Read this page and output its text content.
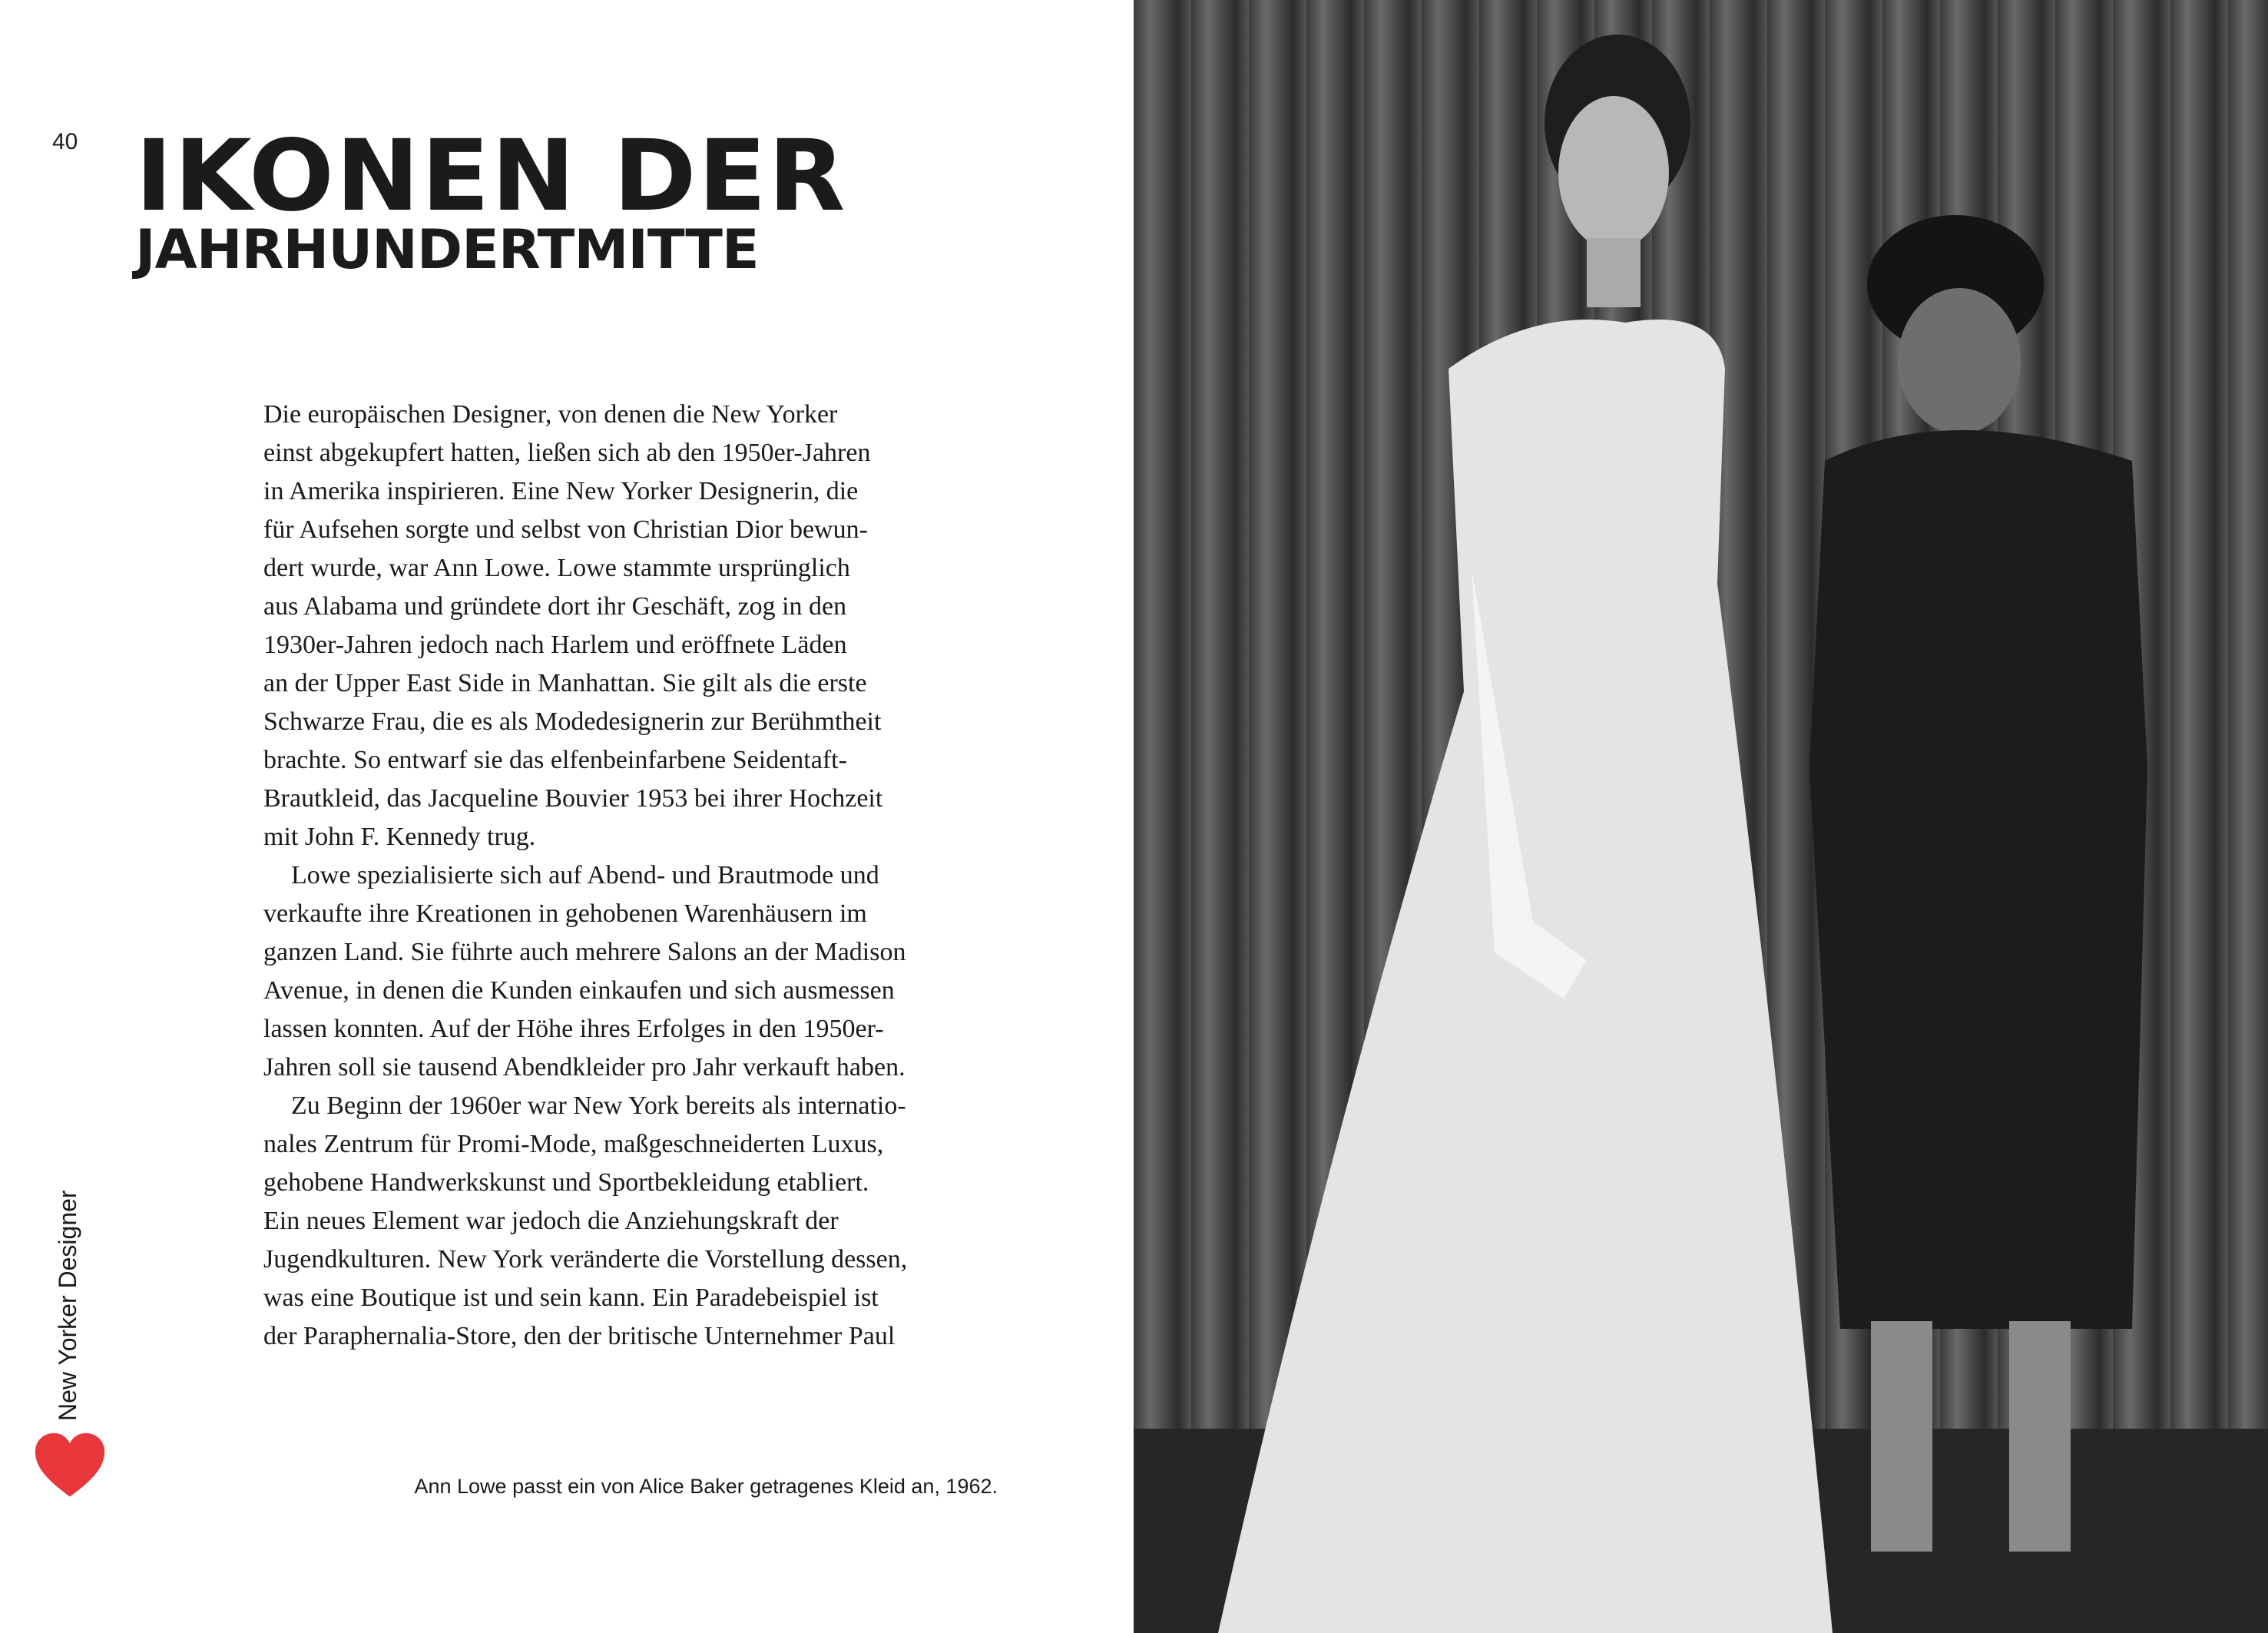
40 IKONEN DER
JAHRHUNDERTMITTE
Die europäischen Designer, von denen die New Yorker
einst abgekupfert hatten, ließen sich ab den 1950er-Jahren
in Amerika inspirieren. Eine New Yorker Designerin, die
für Aufsehen sorgte und selbst von Christian Dior bewun-
dert wurde, war Ann Lowe. Lowe stammte ursprünglich
aus Alabama und gründete dort ihr Geschäft, zog in den
1930er-Jahren jedoch nach Harlem und eröffnete Läden
an der Upper East Side in Manhattan. Sie gilt als die erste
Schwarze Frau, die es als Modedesignerin zur Berühmtheit
brachte. So entwarf sie das elfenbeinfarbene Seidentaft-
Brautkleid, das Jacqueline Bouvier 1953 bei ihrer Hochzeit
mit John F. Kennedy trug.
Lowe spezialisierte sich auf Abend- und Brautmode und
verkaufte ihre Kreationen in gehobenen Warenhäusern im
ganzen Land. Sie führte auch mehrere Salons an der Madison
Avenue, in denen die Kunden einkaufen und sich ausmessen
lassen konnten. Auf der Höhe ihres Erfolges in den 1950er-
Jahren soll sie tausend Abendkleider pro Jahr verkauft haben.
Zu Beginn der 1960er war New York bereits als internatio-
nales Zentrum für Promi-Mode, maßgeschneiderten Luxus,
gehobene Handwerkskunst und Sportbekleidung etabliert.
Ein neues Element war jedoch die Anziehungskraft der
Jugendkulturen. New York veränderte die Vorstellung dessen,
was eine Boutique ist und sein kann. Ein Paradebeispiel ist
der Paraphernalia-Store, den der britische Unternehmer Paul
New Yorker Designer
Ann Lowe passt ein von Alice Baker getragenes Kleid an, 1962.
